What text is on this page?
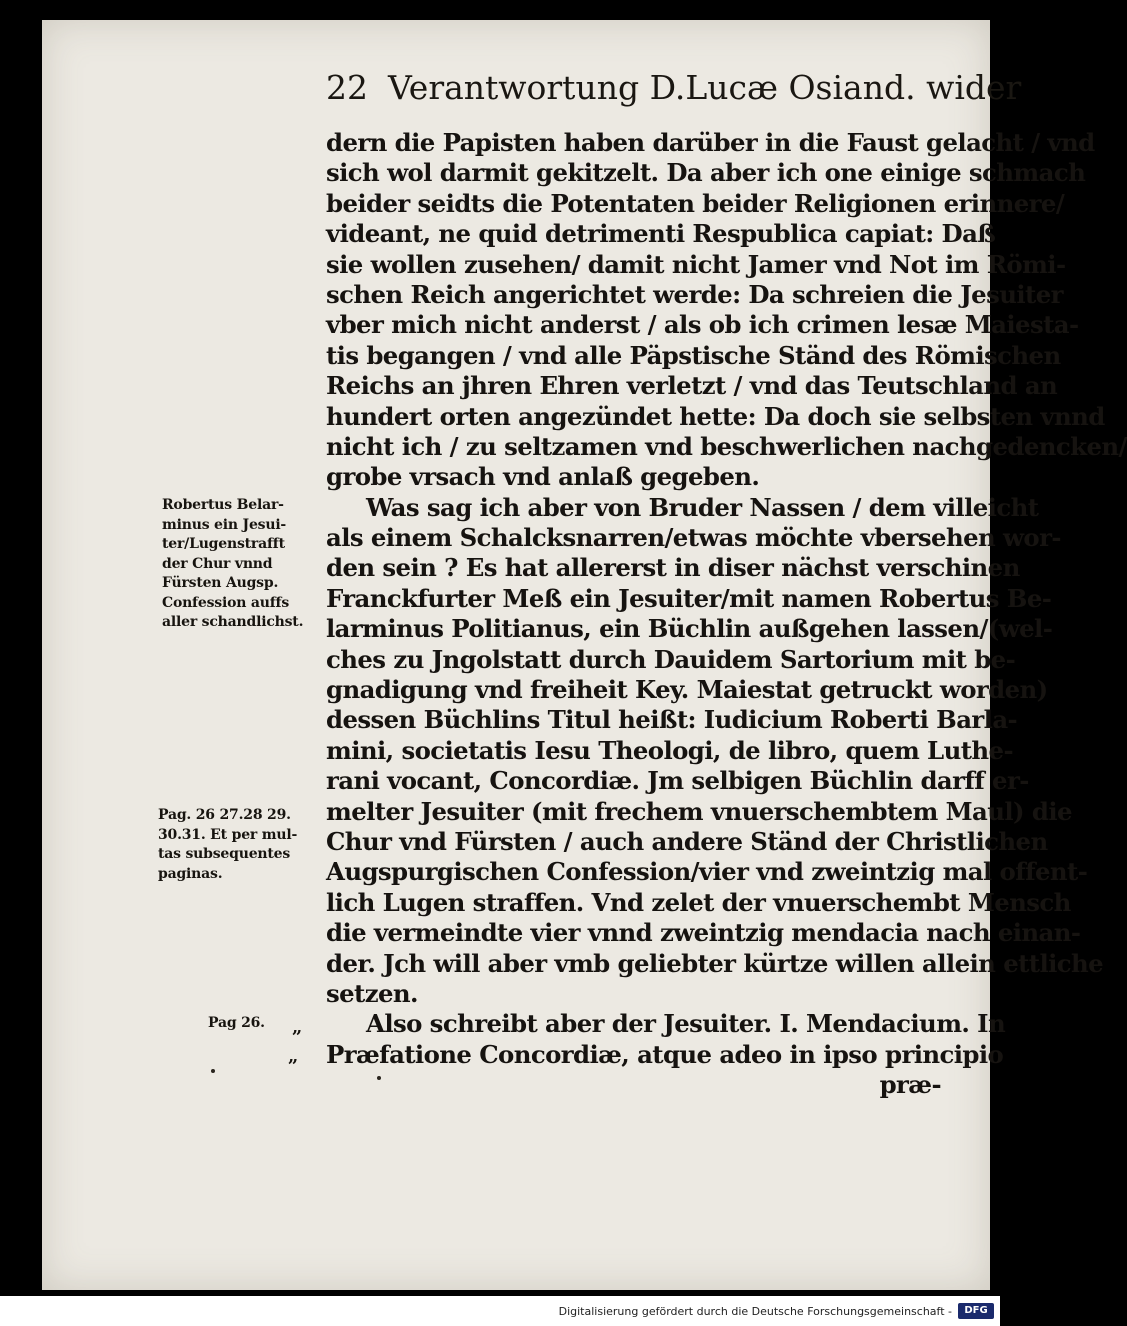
22 Verantwortung D.Lucæ Osiand. wider
dern die Papisten haben darüber in die Faust gelacht / vnd
sich wol darmit gekitzelt. Da aber ich one einige schmach
beider seidts die Potentaten beider Religionen erinnere/
videant, ne quid detrimenti Respublica capiat: Daß
sie wollen zusehen/ damit nicht Jamer vnd Not im Römi-
schen Reich angerichtet werde: Da schreien die Jesuiter
vber mich nicht anderst / als ob ich crimen lesæ Maiesta-
tis begangen / vnd alle Päpstische Ständ des Römischen
Reichs an jhren Ehren verletzt / vnd das Teutschland an
hundert orten angezündet hette: Da doch sie selbsten vnnd
nicht ich / zu seltzamen vnd beschwerlichen nachgedencken/
grobe vrsach vnd anlaß gegeben.
Was sag ich aber von Bruder Nassen / dem villeicht
als einem Schalcksnarren/etwas möchte vbersehen wor-
den sein ? Es hat allererst in diser nächst verschinen
Franckfurter Meß ein Jesuiter/mit namen Robertus Be-
larminus Politianus, ein Büchlin außgehen lassen/(wel-
ches zu Jngolstatt durch Dauidem Sartorium mit be-
gnadigung vnd freiheit Key. Maiestat getruckt worden)
dessen Büchlins Titul heißt: Iudicium Roberti Barla-
mini, societatis Iesu Theologi, de libro, quem Luthe-
rani vocant, Concordiæ. Jm selbigen Büchlin darff er-
melter Jesuiter (mit frechem vnuerschembtem Maul) die
Chur vnd Fürsten / auch andere Ständ der Christlichen
Augspurgischen Confession/vier vnd zweintzig mal offent-
lich Lugen straffen. Vnd zelet der vnuerschembt Mensch
die vermeindte vier vnnd zweintzig mendacia nach einan-
der. Jch will aber vmb geliebter kürtze willen allein ettliche
setzen.
Also schreibt aber der Jesuiter. I. Mendacium. In
Præfatione Concordiæ, atque adeo in ipso principio
præ-
Robertus Belar-
minus ein Jesui-
ter/Lugenstrafft
der Chur vnnd
Fürsten Augsp.
Confession auffs
aller schandlichst.
Pag. 26 27.28 29.
30.31. Et per mul-
tas subsequentes
paginas.
Pag 26.	„
„
Digitalisierung gefördert durch die Deutsche Forschungsgemeinschaft -	DFG
